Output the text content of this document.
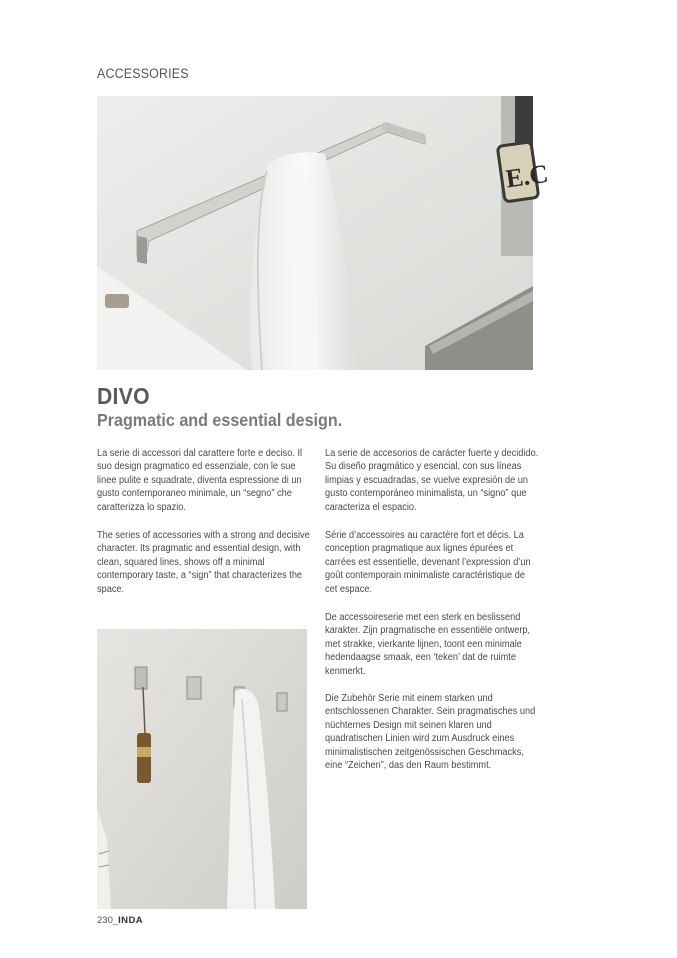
ACCESSORIES
E.C
DIVO
Pragmatic and essential design.
La serie di accessori dal carattere forte e deciso. Il suo design pragmatico ed essenziale, con le sue linee pulite e squadrate, diventa espressione di un gusto contemporaneo minimale, un “segno” che caratterizza lo spazio.
The series of accessories with a strong and decisive character. Its pragmatic and essential design, with clean, squared lines, shows off a minimal contemporary taste, a “sign” that characterizes the space.
La serie de accesorios de carácter fuerte y decidido. Su diseño pragmático y esencial, con sus líneas limpias y escuadradas, se vuelve expresión de un gusto contemporáneo minimalista, un “signo” que caracteriza el espacio.
Série d’accessoires au caractère fort et décis. La conception pragmatique aux lignes épurées et carrées est essentielle, devenant l’expression d’un goût contemporain minimaliste caractéristique de cet espace.
De accessoireserie met een sterk en beslissend karakter. Zijn pragmatische en essentiële ontwerp, met strakke, vierkante lijnen, toont een minimale hedendaagse smaak, een ‘teken’ dat de ruimte kenmerkt.
Die Zubehör Serie mit einem starken und entschlossenen Charakter. Sein pragmatisches und nüchternes Design mit seinen klaren und quadratischen Linien wird zum Ausdruck eines minimalistischen zeitgenössischen Geschmacks, eine “Zeichen”, das den Raum bestimmt.
230_INDA
